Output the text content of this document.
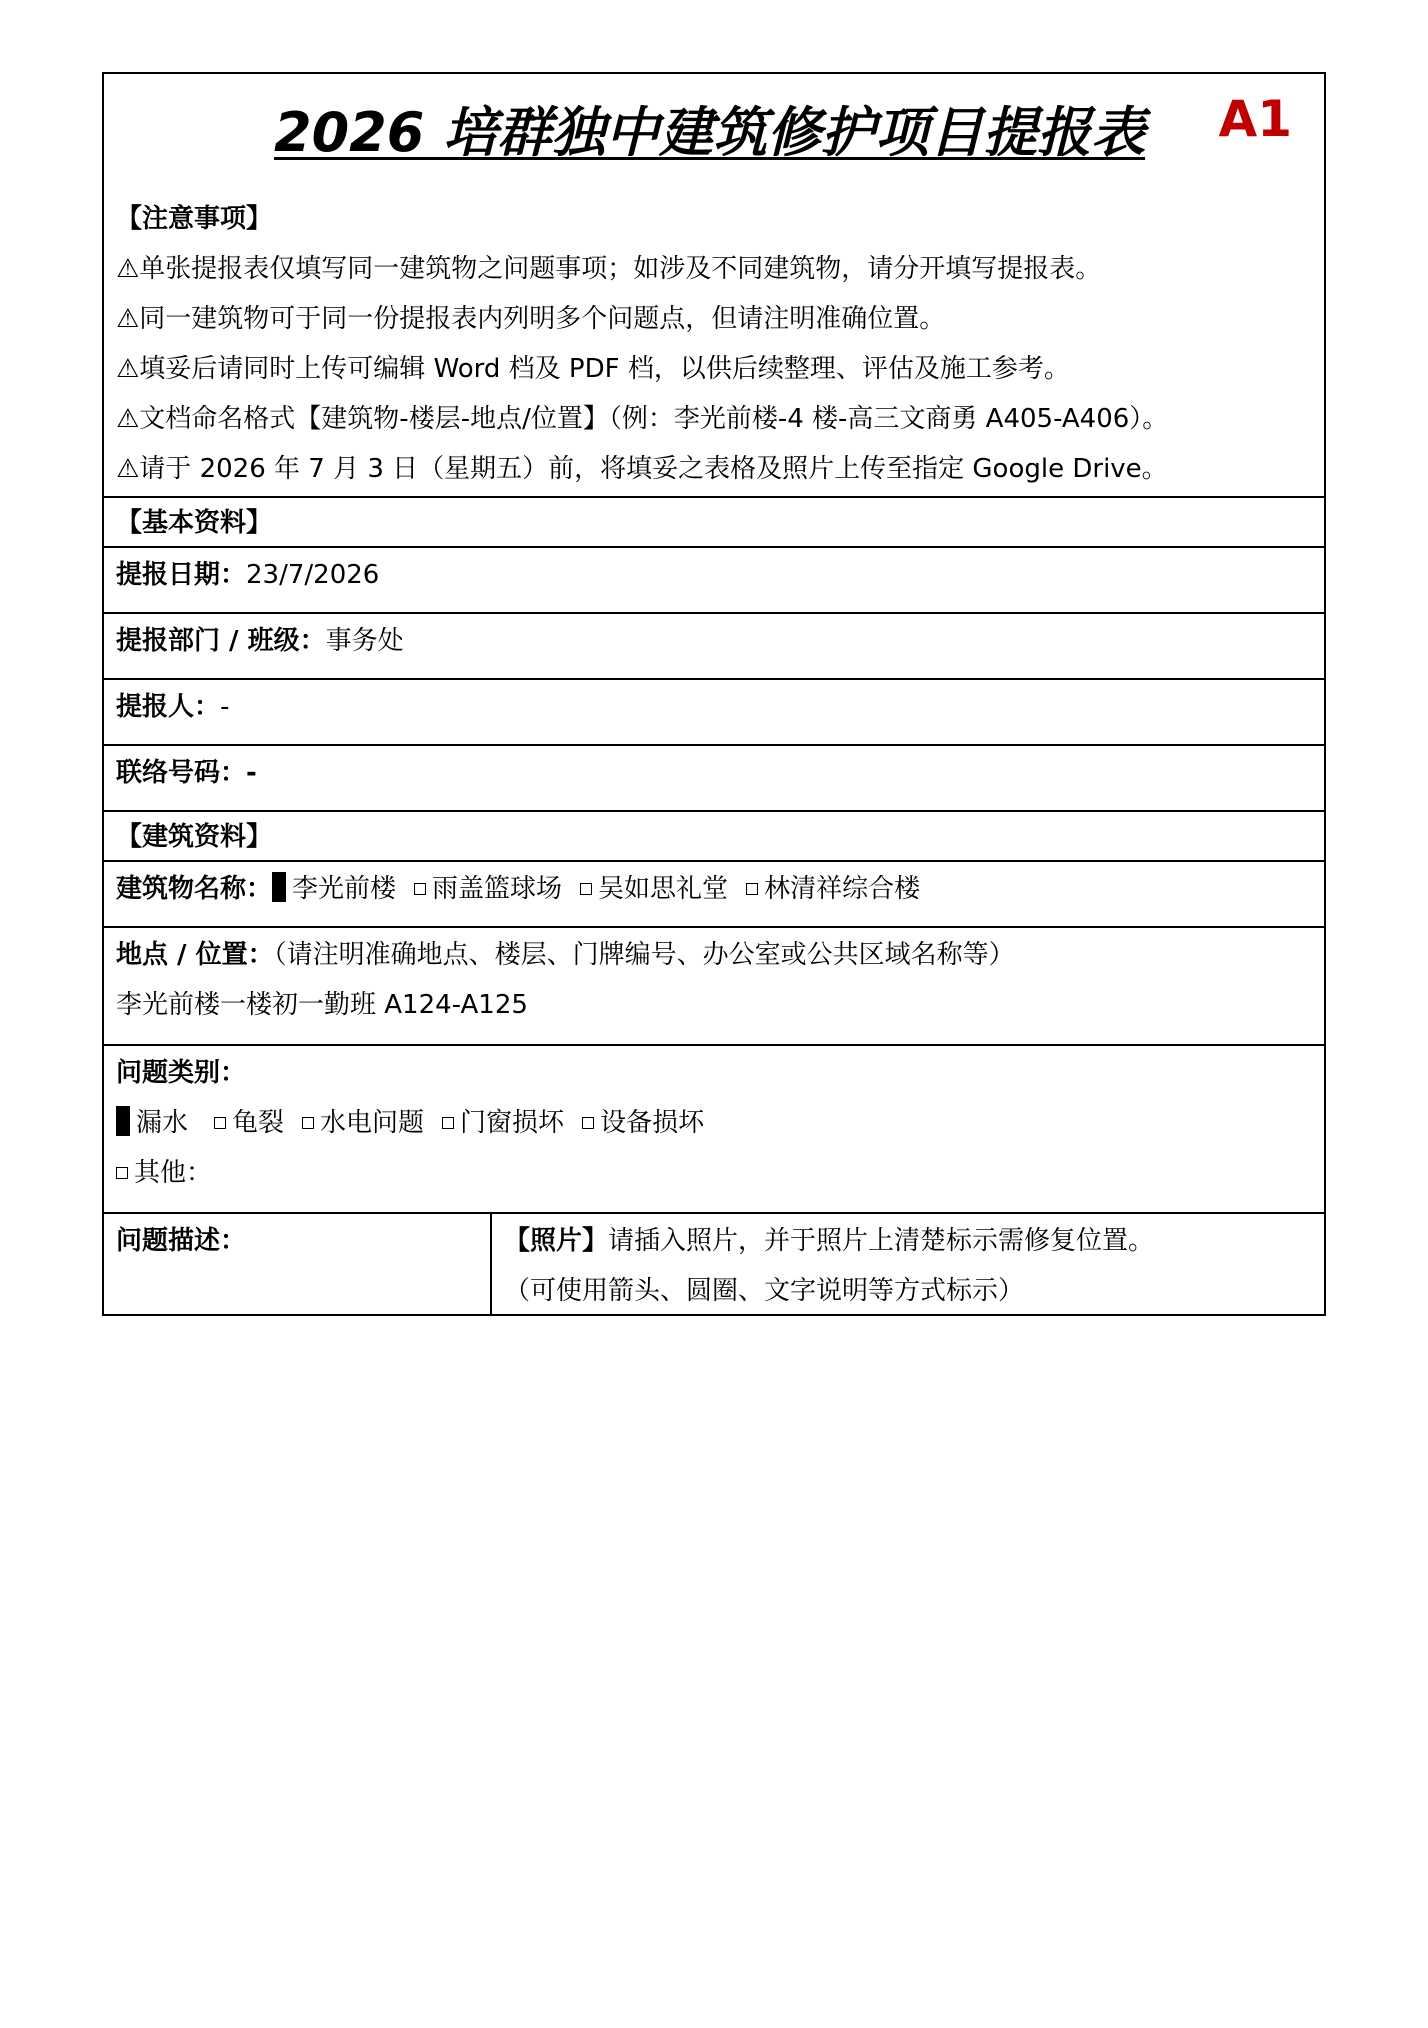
2026 培群独中建筑修护项目提报表 A1
【注意事项】
⚠单张提报表仅填写同一建筑物之问题事项；如涉及不同建筑物，请分开填写提报表。
⚠同一建筑物可于同一份提报表内列明多个问题点，但请注明准确位置。
⚠填妥后请同时上传可编辑 Word 档及 PDF 档，以供后续整理、评估及施工参考。
⚠文档命名格式【建筑物-楼层-地点/位置】（例：李光前楼-4 楼-高三文商勇 A405-A406）。
⚠请于 2026 年 7 月 3 日（星期五）前，将填妥之表格及照片上传至指定 Google Drive。
【基本资料】
提报日期：23/7/2026
提报部门 / 班级：事务处
提报人：-
联络号码：-
【建筑资料】
建筑物名称： 李光前楼 雨盖篮球场 吴如思礼堂 林清祥综合楼
地点 / 位置：（请注明准确地点、楼层、门牌编号、办公室或公共区域名称等）
李光前楼一楼初一勤班 A124-A125
问题类别：
漏水 龟裂 水电问题 门窗损坏 设备损坏
其他：
问题描述：	【照片】请插入照片，并于照片上清楚标示需修复位置。
（可使用箭头、圆圈、文字说明等方式标示）
